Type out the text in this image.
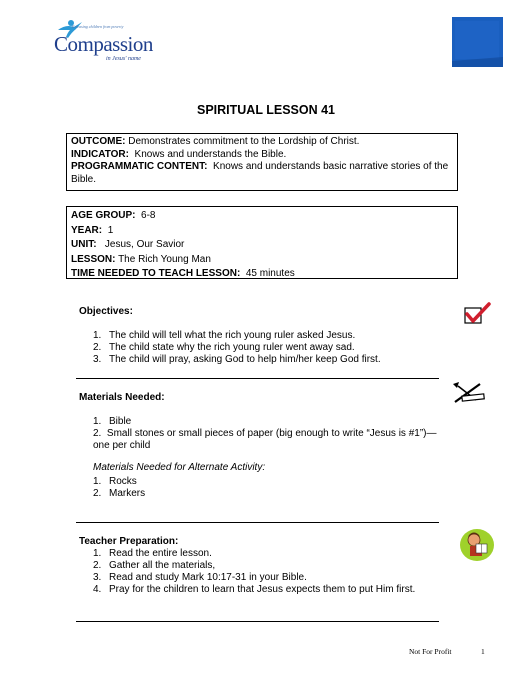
Releasing children from poverty
Compassion
in Jesus' name
SPIRITUAL LESSON 41
OUTCOME: Demonstrates commitment to the Lordship of Christ.
INDICATOR: Knows and understands the Bible.
PROGRAMMATIC CONTENT: Knows and understands basic narrative stories of the Bible.
AGE GROUP: 6-8
YEAR: 1
UNIT: Jesus, Our Savior
LESSON: The Rich Young Man
TIME NEEDED TO TEACH LESSON: 45 minutes
Objectives:
1. The child will tell what the rich young ruler asked Jesus.
2. The child state why the rich young ruler went away sad.
3. The child will pray, asking God to help him/her keep God first.
Materials Needed:
1. Bible
2. Small stones or small pieces of paper (big enough to write “Jesus is #1”)—one per child
Materials Needed for Alternate Activity:
1. Rocks
2. Markers
Teacher Preparation:
1. Read the entire lesson.
2. Gather all the materials,
3. Read and study Mark 10:17-31 in your Bible.
4. Pray for the children to learn that Jesus expects them to put Him first.
Not For Profit	1
